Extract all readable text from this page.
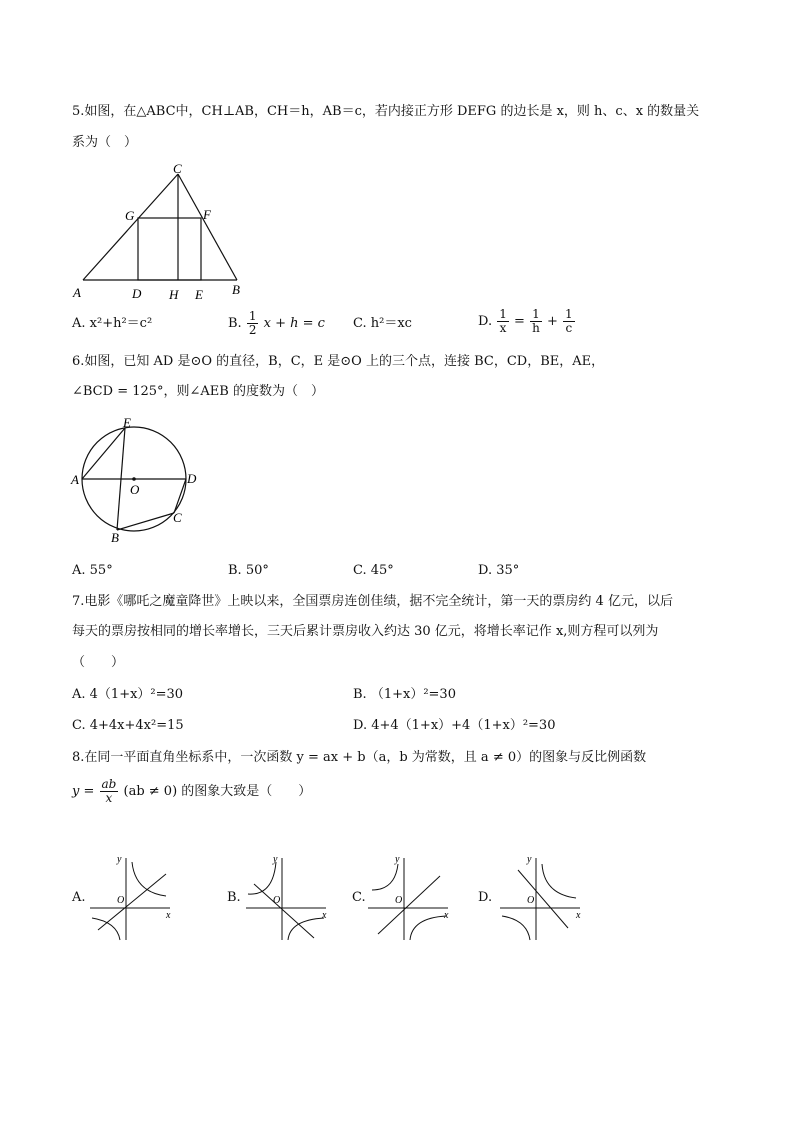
5.如图，在△ABC中，CH⊥AB，CH＝h，AB＝c，若内接正方形 DEFG 的边长是 x，则 h、c、x 的数量关
系为（　）
C
G	F
A	D H E B
A. x²+h²＝c²	B. $\frac{1}{2}$ x + h = c C. h²＝xc	D. $\frac{1}{x} = \frac{1}{h} + \frac{1}{c}$
6.如图，已知 AD 是⊙O 的直径，B，C，E 是⊙O 上的三个点，连接 BC，CD，BE，AE，
∠BCD = 125°，则∠AEB 的度数为（　）
E
A
O
D
C
B
A. 55°	B. 50°	C. 45°	D. 35°
7.电影《哪吒之魔童降世》上映以来，全国票房连创佳绩，据不完全统计，第一天的票房约 4 亿元，以后
每天的票房按相同的增长率增长，三天后累计票房收入约达 30 亿元，将增长率记作 x,则方程可以列为
（　　）
A. 4（1+x）²=30	B. （1+x）²=30
C. 4+4x+4x²=15	D. 4+4（1+x）+4（1+x）²=30
8.在同一平面直角坐标系中，一次函数 y = ax + b（a，b 为常数，且 a ≠ 0）的图象与反比例函数
$y = \frac{ab}{x} (ab \ne 0)$ 的图象大致是（　　）
A.
y
x
O	B.
y
x
O	C.
y
x
O	D.
y
x
O
